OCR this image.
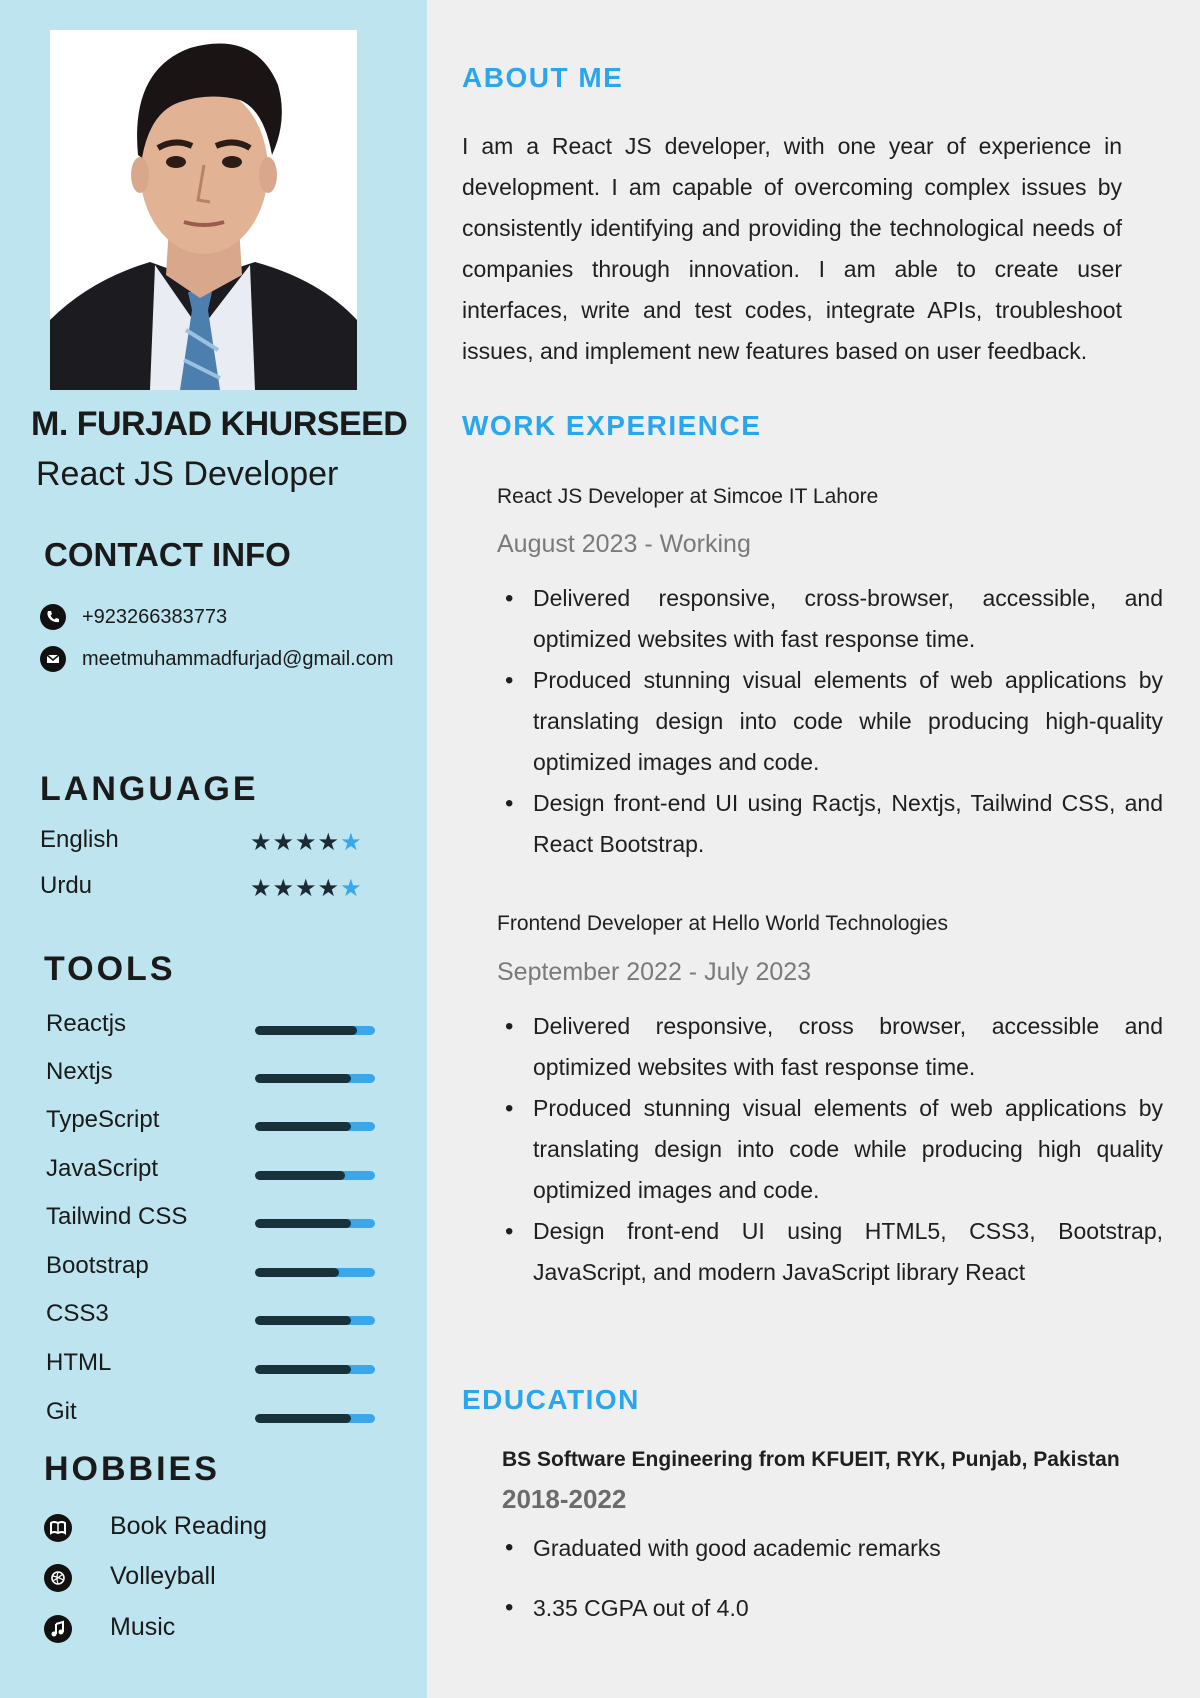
M. FURJAD KHURSEED
React JS Developer
CONTACT INFO
+923266383773
meetmuhammadfurjad@gmail.com
LANGUAGE
English	★★★★★
Urdu	★★★★★
TOOLS
Reactjs
Nextjs
TypeScript
JavaScript
Tailwind CSS
Bootstrap
CSS3
HTML
Git
HOBBIES
Book Reading
Volleyball
Music
ABOUT ME

I am a React JS developer, with one year of experience in development. I am capable of overcoming complex issues by consistently identifying and providing the technological needs of companies through innovation. I am able to create user interfaces, write and test codes, integrate APIs, troubleshoot issues, and implement new features based on user feedback.

WORK EXPERIENCE
React JS Developer at Simcoe IT Lahore
August 2023 - Working
• Delivered responsive, cross-browser, accessible, and optimized websites with fast response time.
• Produced stunning visual elements of web applications by translating design into code while producing high-quality optimized images and code.
• Design front-end UI using Ractjs, Nextjs, Tailwind CSS, and React Bootstrap.
Frontend Developer at Hello World Technologies
September 2022 - July 2023
• Delivered responsive, cross browser, accessible and optimized websites with fast response time.
• Produced stunning visual elements of web applications by translating design into code while producing high quality optimized images and code.
• Design front-end UI using HTML5, CSS3, Bootstrap, JavaScript, and modern JavaScript library React
EDUCATION
BS Software Engineering from KFUEIT, RYK, Punjab, Pakistan
2018-2022
• Graduated with good academic remarks
• 3.35 CGPA out of 4.0
